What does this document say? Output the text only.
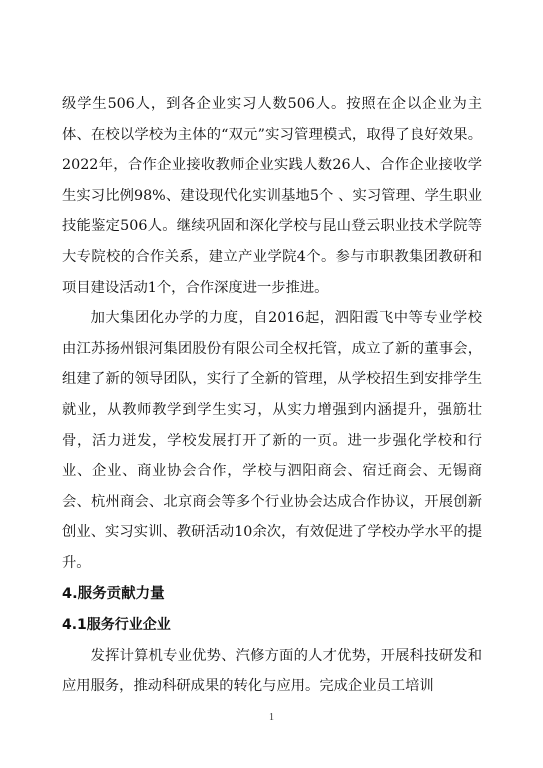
级学生506人，到各企业实习人数506人。按照在企以企业为主体、在校以学校为主体的“双元”实习管理模式，取得了良好效果。2022年，合作企业接收教师企业实践人数26人、合作企业接收学生实习比例98%、建设现代化实训基地5个 、实习管理、学生职业技能鉴定506人。继续巩固和深化学校与昆山登云职业技术学院等大专院校的合作关系，建立产业学院4个。参与市职教集团教研和项目建设活动1个，合作深度进一步推进。

加大集团化办学的力度，自2016起，泗阳霞飞中等专业学校由江苏扬州银河集团股份有限公司全权托管，成立了新的董事会，组建了新的领导团队，实行了全新的管理，从学校招生到安排学生就业，从教师教学到学生实习，从实力增强到内涵提升，强筋壮骨，活力迸发，学校发展打开了新的一页。进一步强化学校和行业、企业、商业协会合作，学校与泗阳商会、宿迁商会、无锡商会、杭州商会、北京商会等多个行业协会达成合作协议，开展创新创业、实习实训、教研活动10余次，有效促进了学校办学水平的提升。

4.服务贡献力量

4.1服务行业企业

发挥计算机专业优势、汽修方面的人才优势，开展科技研发和应用服务，推动科研成果的转化与应用。完成企业员工培训

1
